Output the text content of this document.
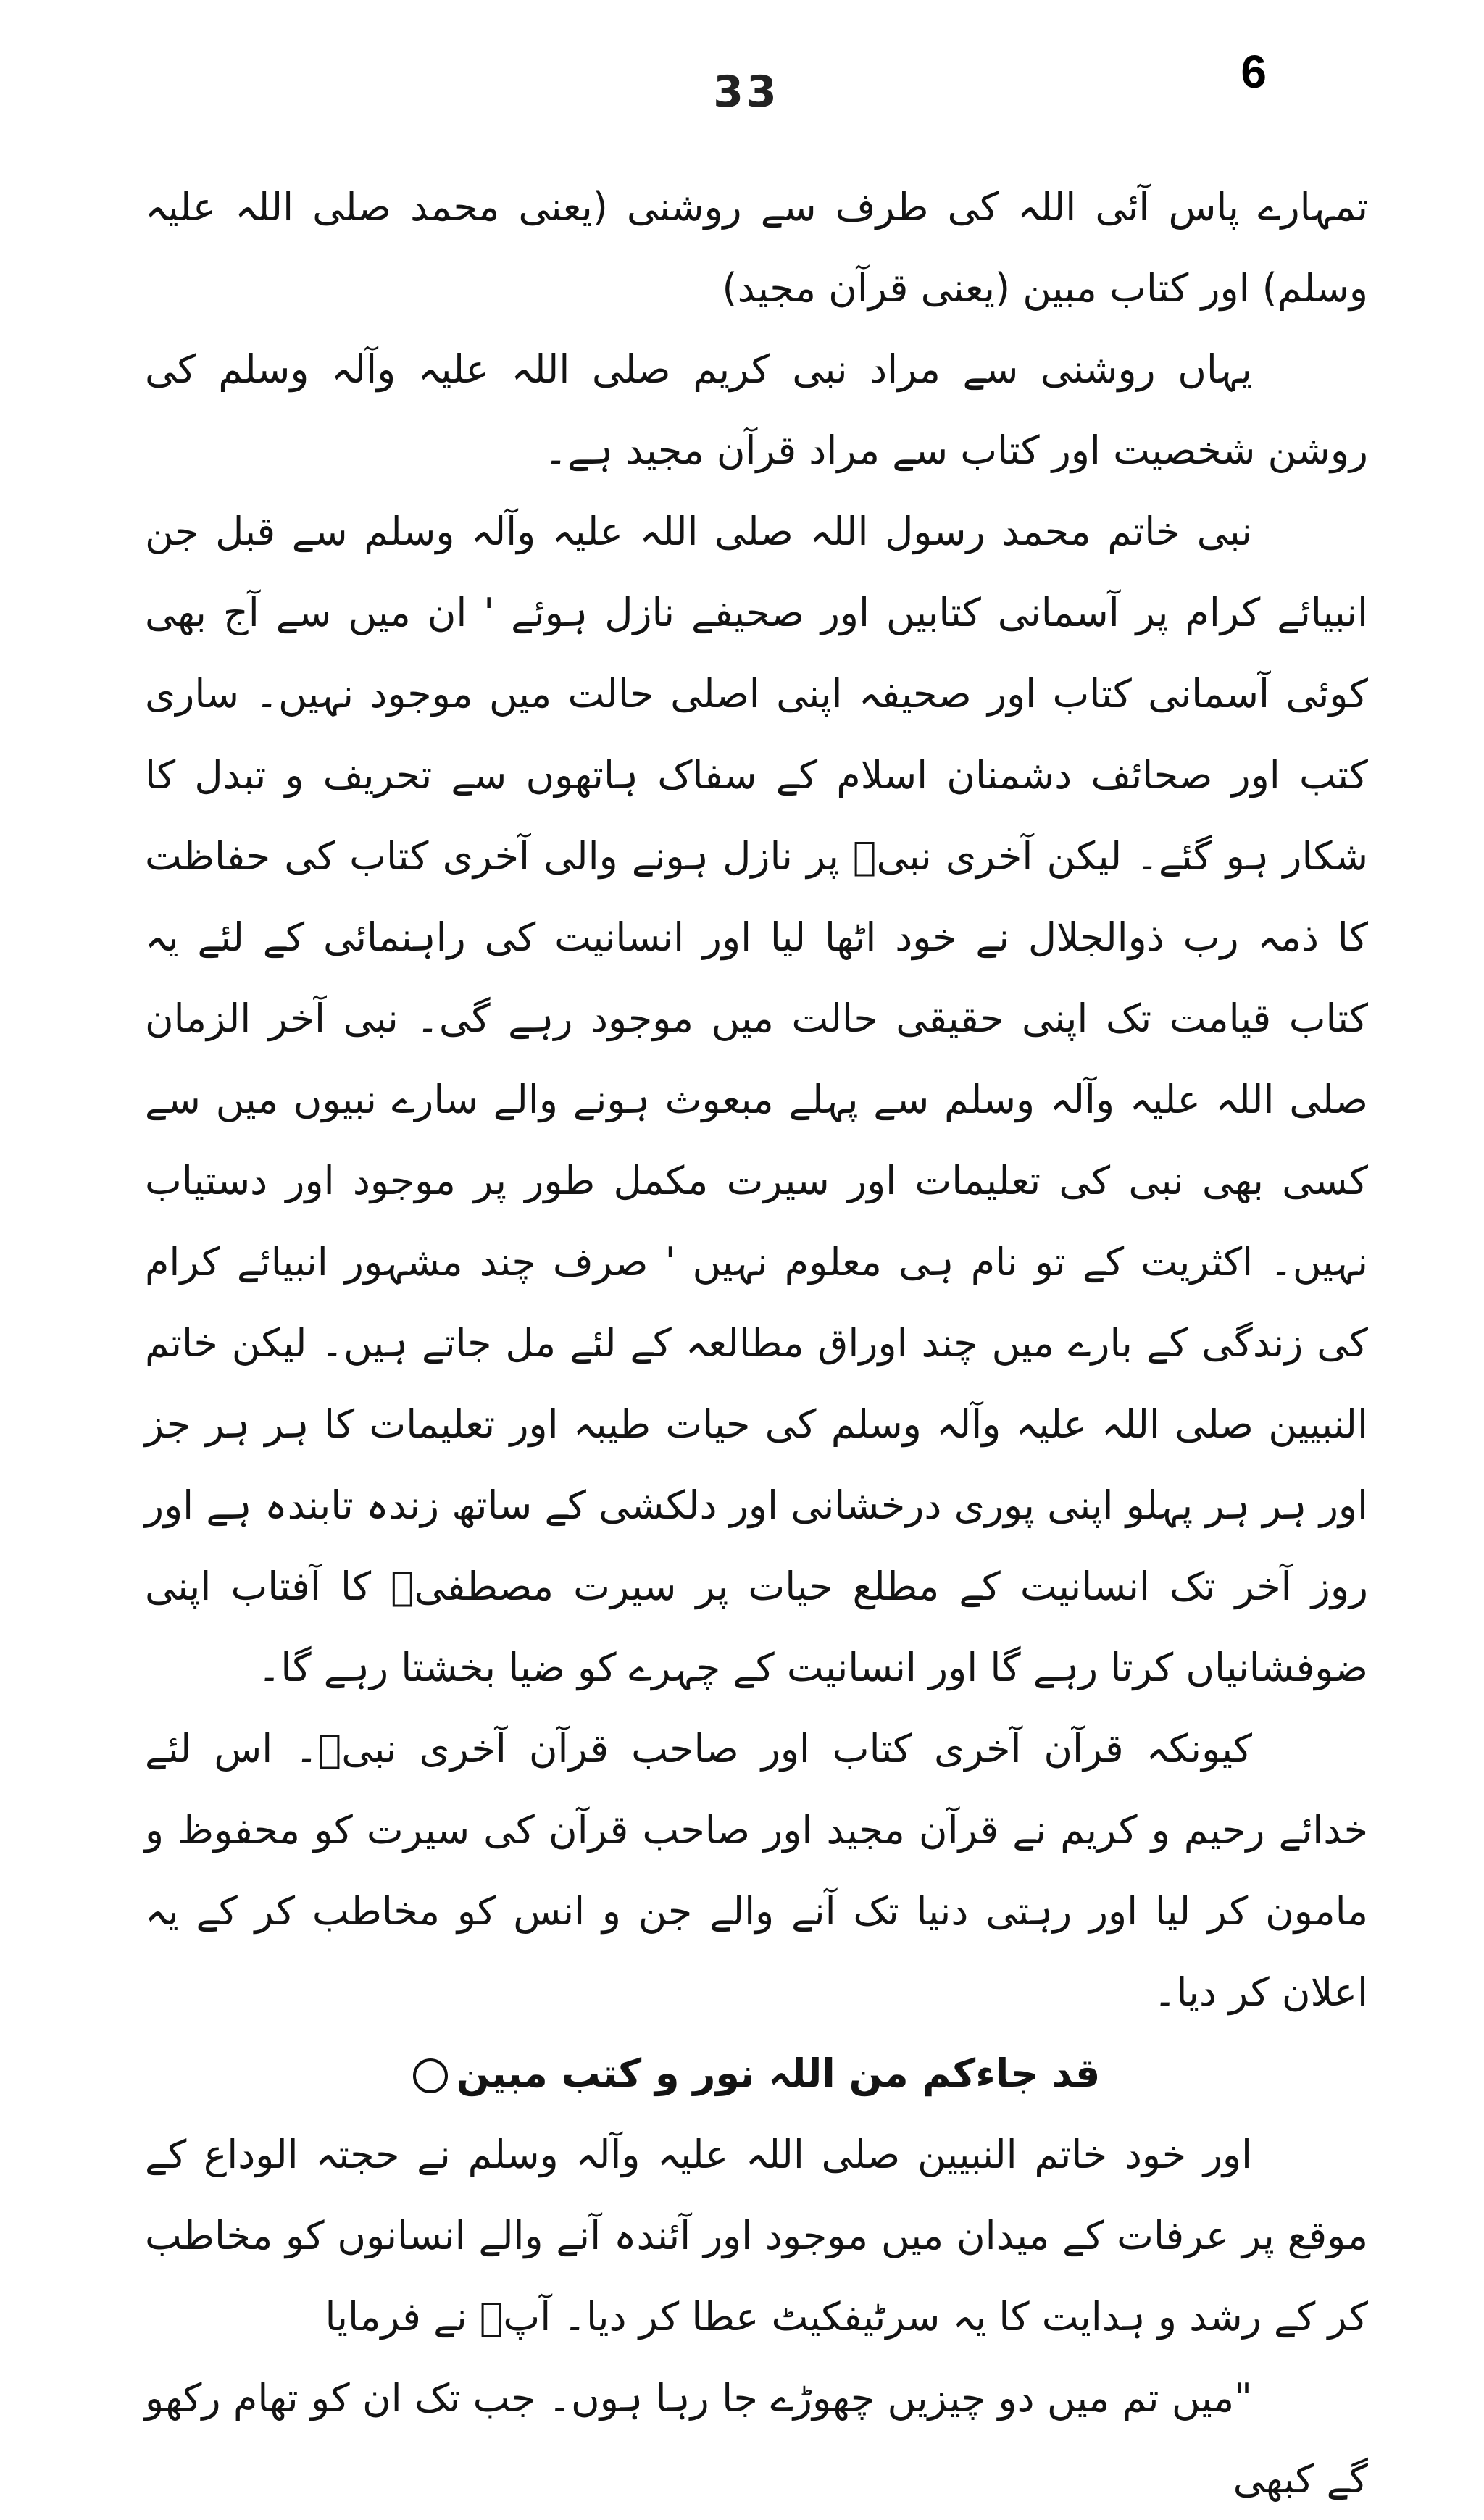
33	6

تمہارے پاس آئی اللہ کی طرف سے روشنی (یعنی محمد صلی اللہ علیہ وسلم) اور کتاب مبین (یعنی قرآن مجید)

یہاں روشنی سے مراد نبی کریم صلی اللہ علیہ وآلہ وسلم کی روشن شخصیت اور کتاب سے مراد قرآن مجید ہے۔

نبی خاتم محمد رسول اللہ صلی اللہ علیہ وآلہ وسلم سے قبل جن انبیائے کرام پر آسمانی کتابیں اور صحیفے نازل ہوئے ' ان میں سے آج بھی کوئی آسمانی کتاب اور صحیفہ اپنی اصلی حالت میں موجود نہیں۔ ساری کتب اور صحائف دشمنان اسلام کے سفاک ہاتھوں سے تحریف و تبدل کا شکار ہو گئے۔ لیکن آخری نبیؐ پر نازل ہونے والی آخری کتاب کی حفاظت کا ذمہ رب ذوالجلال نے خود اٹھا لیا اور انسانیت کی راہنمائی کے لئے یہ کتاب قیامت تک اپنی حقیقی حالت میں موجود رہے گی۔ نبی آخر الزمان صلی اللہ علیہ وآلہ وسلم سے پہلے مبعوث ہونے والے سارے نبیوں میں سے کسی بھی نبی کی تعلیمات اور سیرت مکمل طور پر موجود اور دستیاب نہیں۔ اکثریت کے تو نام ہی معلوم نہیں ' صرف چند مشہور انبیائے کرام کی زندگی کے بارے میں چند اوراق مطالعہ کے لئے مل جاتے ہیں۔ لیکن خاتم النبیین صلی اللہ علیہ وآلہ وسلم کی حیات طیبہ اور تعلیمات کا ہر ہر جز اور ہر ہر پہلو اپنی پوری درخشانی اور دلکشی کے ساتھ زندہ تابندہ ہے اور روز آخر تک انسانیت کے مطلع حیات پر سیرت مصطفیؐ کا آفتاب اپنی ضوفشانیاں کرتا رہے گا اور انسانیت کے چہرے کو ضیا بخشتا رہے گا۔

کیونکہ قرآن آخری کتاب اور صاحب قرآن آخری نبیؐ۔ اس لئے خدائے رحیم و کریم نے قرآن مجید اور صاحب قرآن کی سیرت کو محفوظ و مامون کر لیا اور رہتی دنیا تک آنے والے جن و انس کو مخاطب کر کے یہ اعلان کر دیا۔

قد جاءکم من اللہ نور و کتب مبین

اور خود خاتم النبیین صلی اللہ علیہ وآلہ وسلم نے حجتہ الوداع کے موقع پر عرفات کے میدان میں موجود اور آئندہ آنے والے انسانوں کو مخاطب کر کے رشد و ہدایت کا یہ سرٹیفکیٹ عطا کر دیا۔ آپؐ نے فرمایا

"میں تم میں دو چیزیں چھوڑے جا رہا ہوں۔ جب تک ان کو تھام رکھو گے کبھی
